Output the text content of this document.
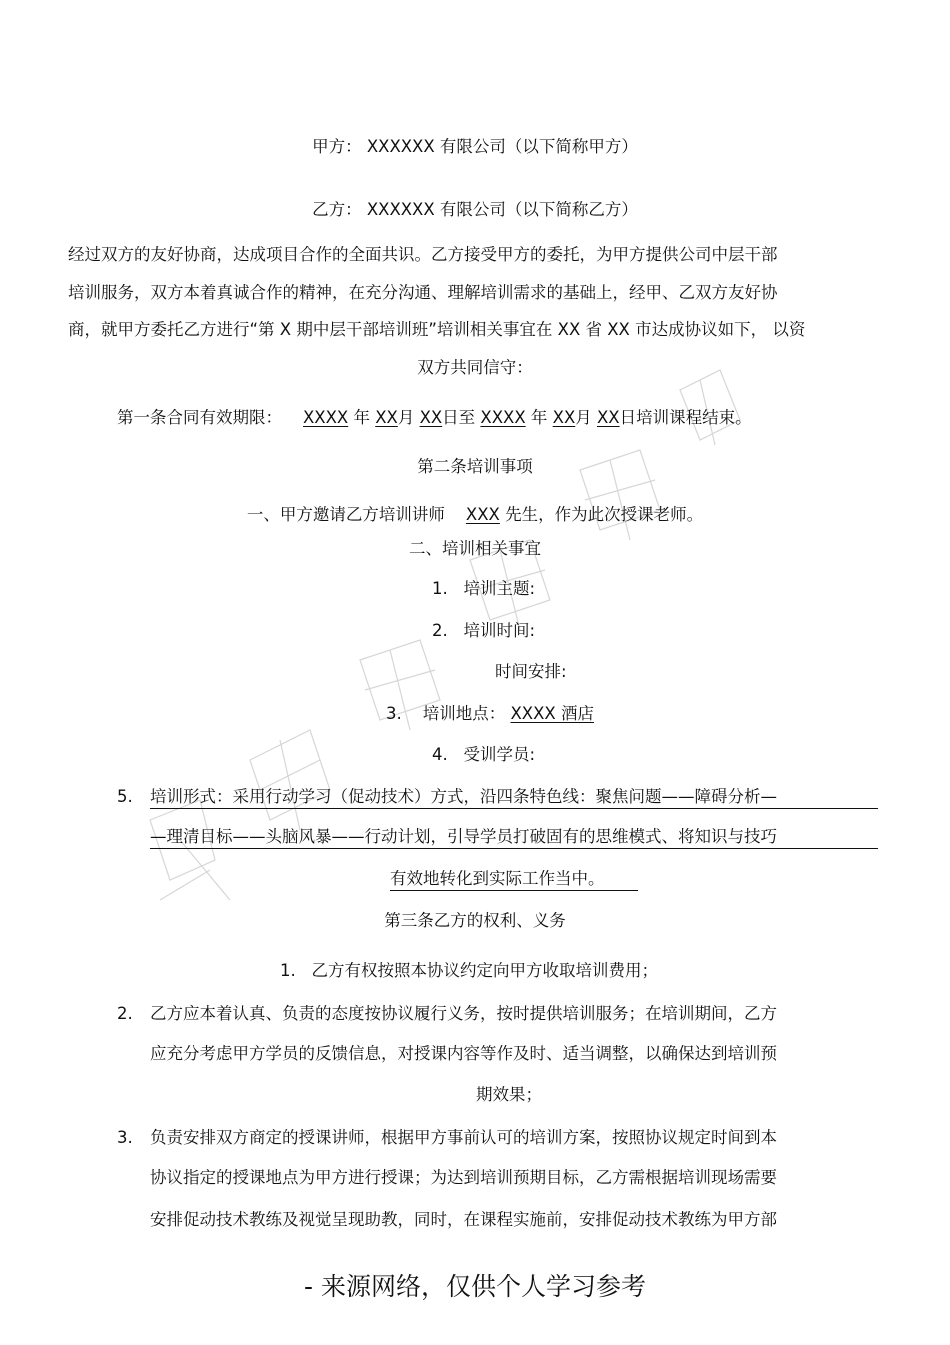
甲方： XXXXXX 有限公司（以下简称甲方）
乙方： XXXXXX 有限公司（以下简称乙方）
经过双方的友好协商，达成项目合作的全面共识。乙方接受甲方的委托，为甲方提供公司中层干部
培训服务，双方本着真诚合作的精神，在充分沟通、理解培训需求的基础上，经甲、乙双方友好协
商，就甲方委托乙方进行“第 X 期中层干部培训班”培训相关事宜在 XX 省 XX 市达成协议如下， 以资
双方共同信守：
第一条合同有效期限： XXXX 年 XX月 XX日至 XXXX 年 XX月 XX日培训课程结束。
第二条培训事项
一、甲方邀请乙方培训讲师 XXX 先生，作为此次授课老师。
二、培训相关事宜
1. 培训主题:
2. 培训时间:
时间安排:
3. 培训地点： XXXX 酒店
4. 受训学员:
5. 培训形式：采用行动学习（促动技术）方式，沿四条特色线：聚焦问题——障碍分析—
—理清目标——头脑风暴——行动计划，引导学员打破固有的思维模式、将知识与技巧
有效地转化到实际工作当中。
第三条乙方的权利、义务
1. 乙方有权按照本协议约定向甲方收取培训费用；
2. 乙方应本着认真、负责的态度按协议履行义务，按时提供培训服务；在培训期间，乙方
应充分考虑甲方学员的反馈信息，对授课内容等作及时、适当调整，以确保达到培训预
期效果；
3. 负责安排双方商定的授课讲师，根据甲方事前认可的培训方案，按照协议规定时间到本
协议指定的授课地点为甲方进行授课；为达到培训预期目标，乙方需根据培训现场需要
安排促动技术教练及视觉呈现助教，同时，在课程实施前，安排促动技术教练为甲方部
- 来源网络，仅供个人学习参考
